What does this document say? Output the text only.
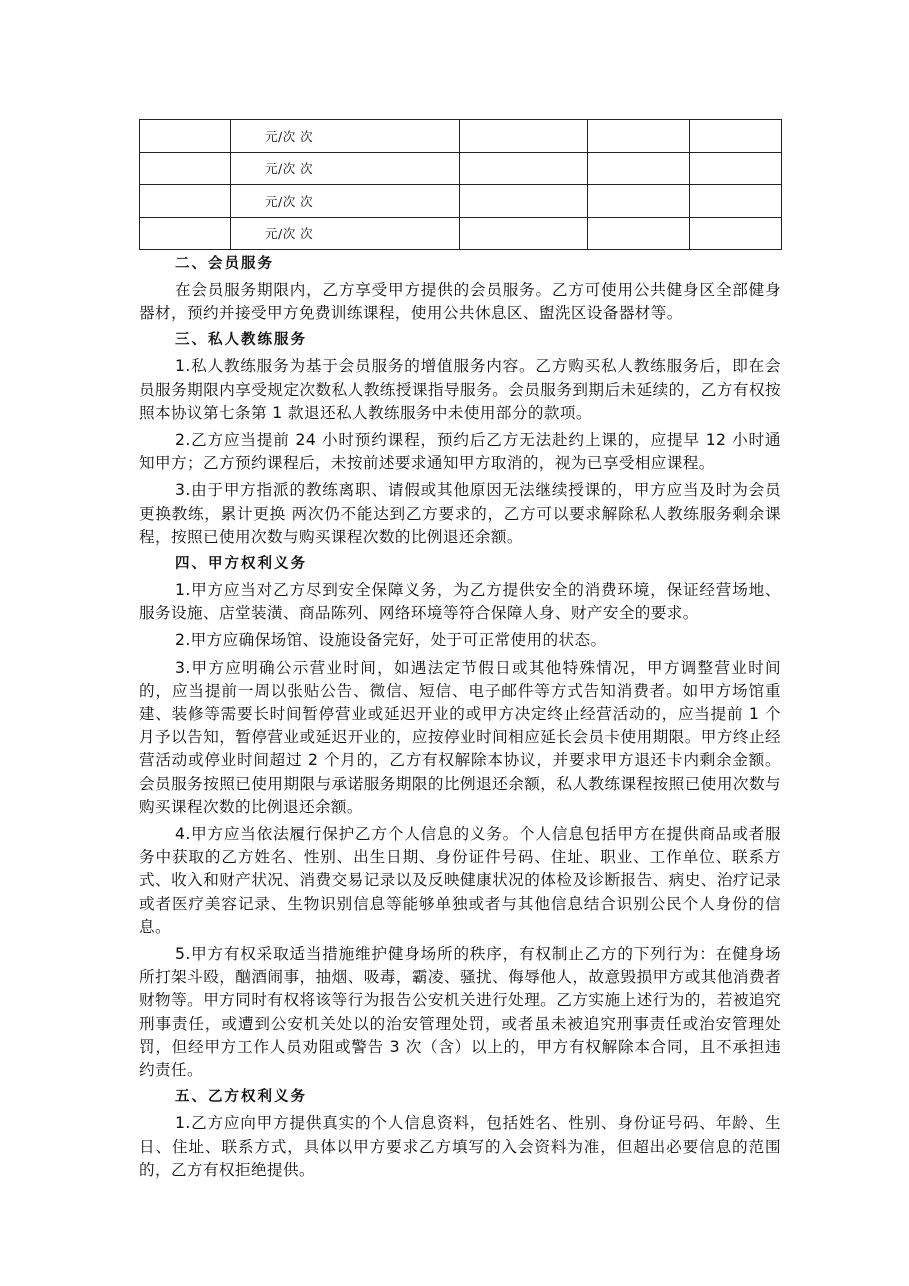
	元/次 次			
	元/次 次			
	元/次 次			
	元/次 次			
二、会员服务

在会员服务期限内，乙方享受甲方提供的会员服务。乙方可使用公共健身区全部健身器材，预约并接受甲方免费训练课程，使用公共休息区、盥洗区设备器材等。

三、私人教练服务

1.私人教练服务为基于会员服务的增值服务内容。乙方购买私人教练服务后，即在会员服务期限内享受规定次数私人教练授课指导服务。会员服务到期后未延续的，乙方有权按照本协议第七条第 1 款退还私人教练服务中未使用部分的款项。

2.乙方应当提前 24 小时预约课程，预约后乙方无法赴约上课的，应提早 12 小时通知甲方；乙方预约课程后，未按前述要求通知甲方取消的，视为已享受相应课程。

3.由于甲方指派的教练离职、请假或其他原因无法继续授课的，甲方应当及时为会员更换教练，累计更换 两次仍不能达到乙方要求的，乙方可以要求解除私人教练服务剩余课程，按照已使用次数与购买课程次数的比例退还余额。

四、甲方权利义务

1.甲方应当对乙方尽到安全保障义务，为乙方提供安全的消费环境，保证经营场地、服务设施、店堂装潢、商品陈列、网络环境等符合保障人身、财产安全的要求。

2.甲方应确保场馆、设施设备完好，处于可正常使用的状态。

3.甲方应明确公示营业时间，如遇法定节假日或其他特殊情况，甲方调整营业时间的，应当提前一周以张贴公告、微信、短信、电子邮件等方式告知消费者。如甲方场馆重建、装修等需要长时间暂停营业或延迟开业的或甲方决定终止经营活动的，应当提前 1 个月予以告知，暂停营业或延迟开业的，应按停业时间相应延长会员卡使用期限。甲方终止经营活动或停业时间超过 2 个月的，乙方有权解除本协议，并要求甲方退还卡内剩余金额。会员服务按照已使用期限与承诺服务期限的比例退还余额，私人教练课程按照已使用次数与购买课程次数的比例退还余额。

4.甲方应当依法履行保护乙方个人信息的义务。个人信息包括甲方在提供商品或者服务中获取的乙方姓名、性别、出生日期、身份证件号码、住址、职业、工作单位、联系方式、收入和财产状况、消费交易记录以及反映健康状况的体检及诊断报告、病史、治疗记录或者医疗美容记录、生物识别信息等能够单独或者与其他信息结合识别公民个人身份的信息。

5.甲方有权采取适当措施维护健身场所的秩序，有权制止乙方的下列行为：在健身场所打架斗殴，酗酒闹事，抽烟、吸毒，霸凌、骚扰、侮辱他人，故意毁损甲方或其他消费者财物等。甲方同时有权将该等行为报告公安机关进行处理。乙方实施上述行为的，若被追究刑事责任，或遭到公安机关处以的治安管理处罚，或者虽未被追究刑事责任或治安管理处罚，但经甲方工作人员劝阻或警告 3 次（含）以上的，甲方有权解除本合同，且不承担违约责任。

五、乙方权利义务

1.乙方应向甲方提供真实的个人信息资料，包括姓名、性别、身份证号码、年龄、生日、住址、联系方式，具体以甲方要求乙方填写的入会资料为准，但超出必要信息的范围的，乙方有权拒绝提供。
